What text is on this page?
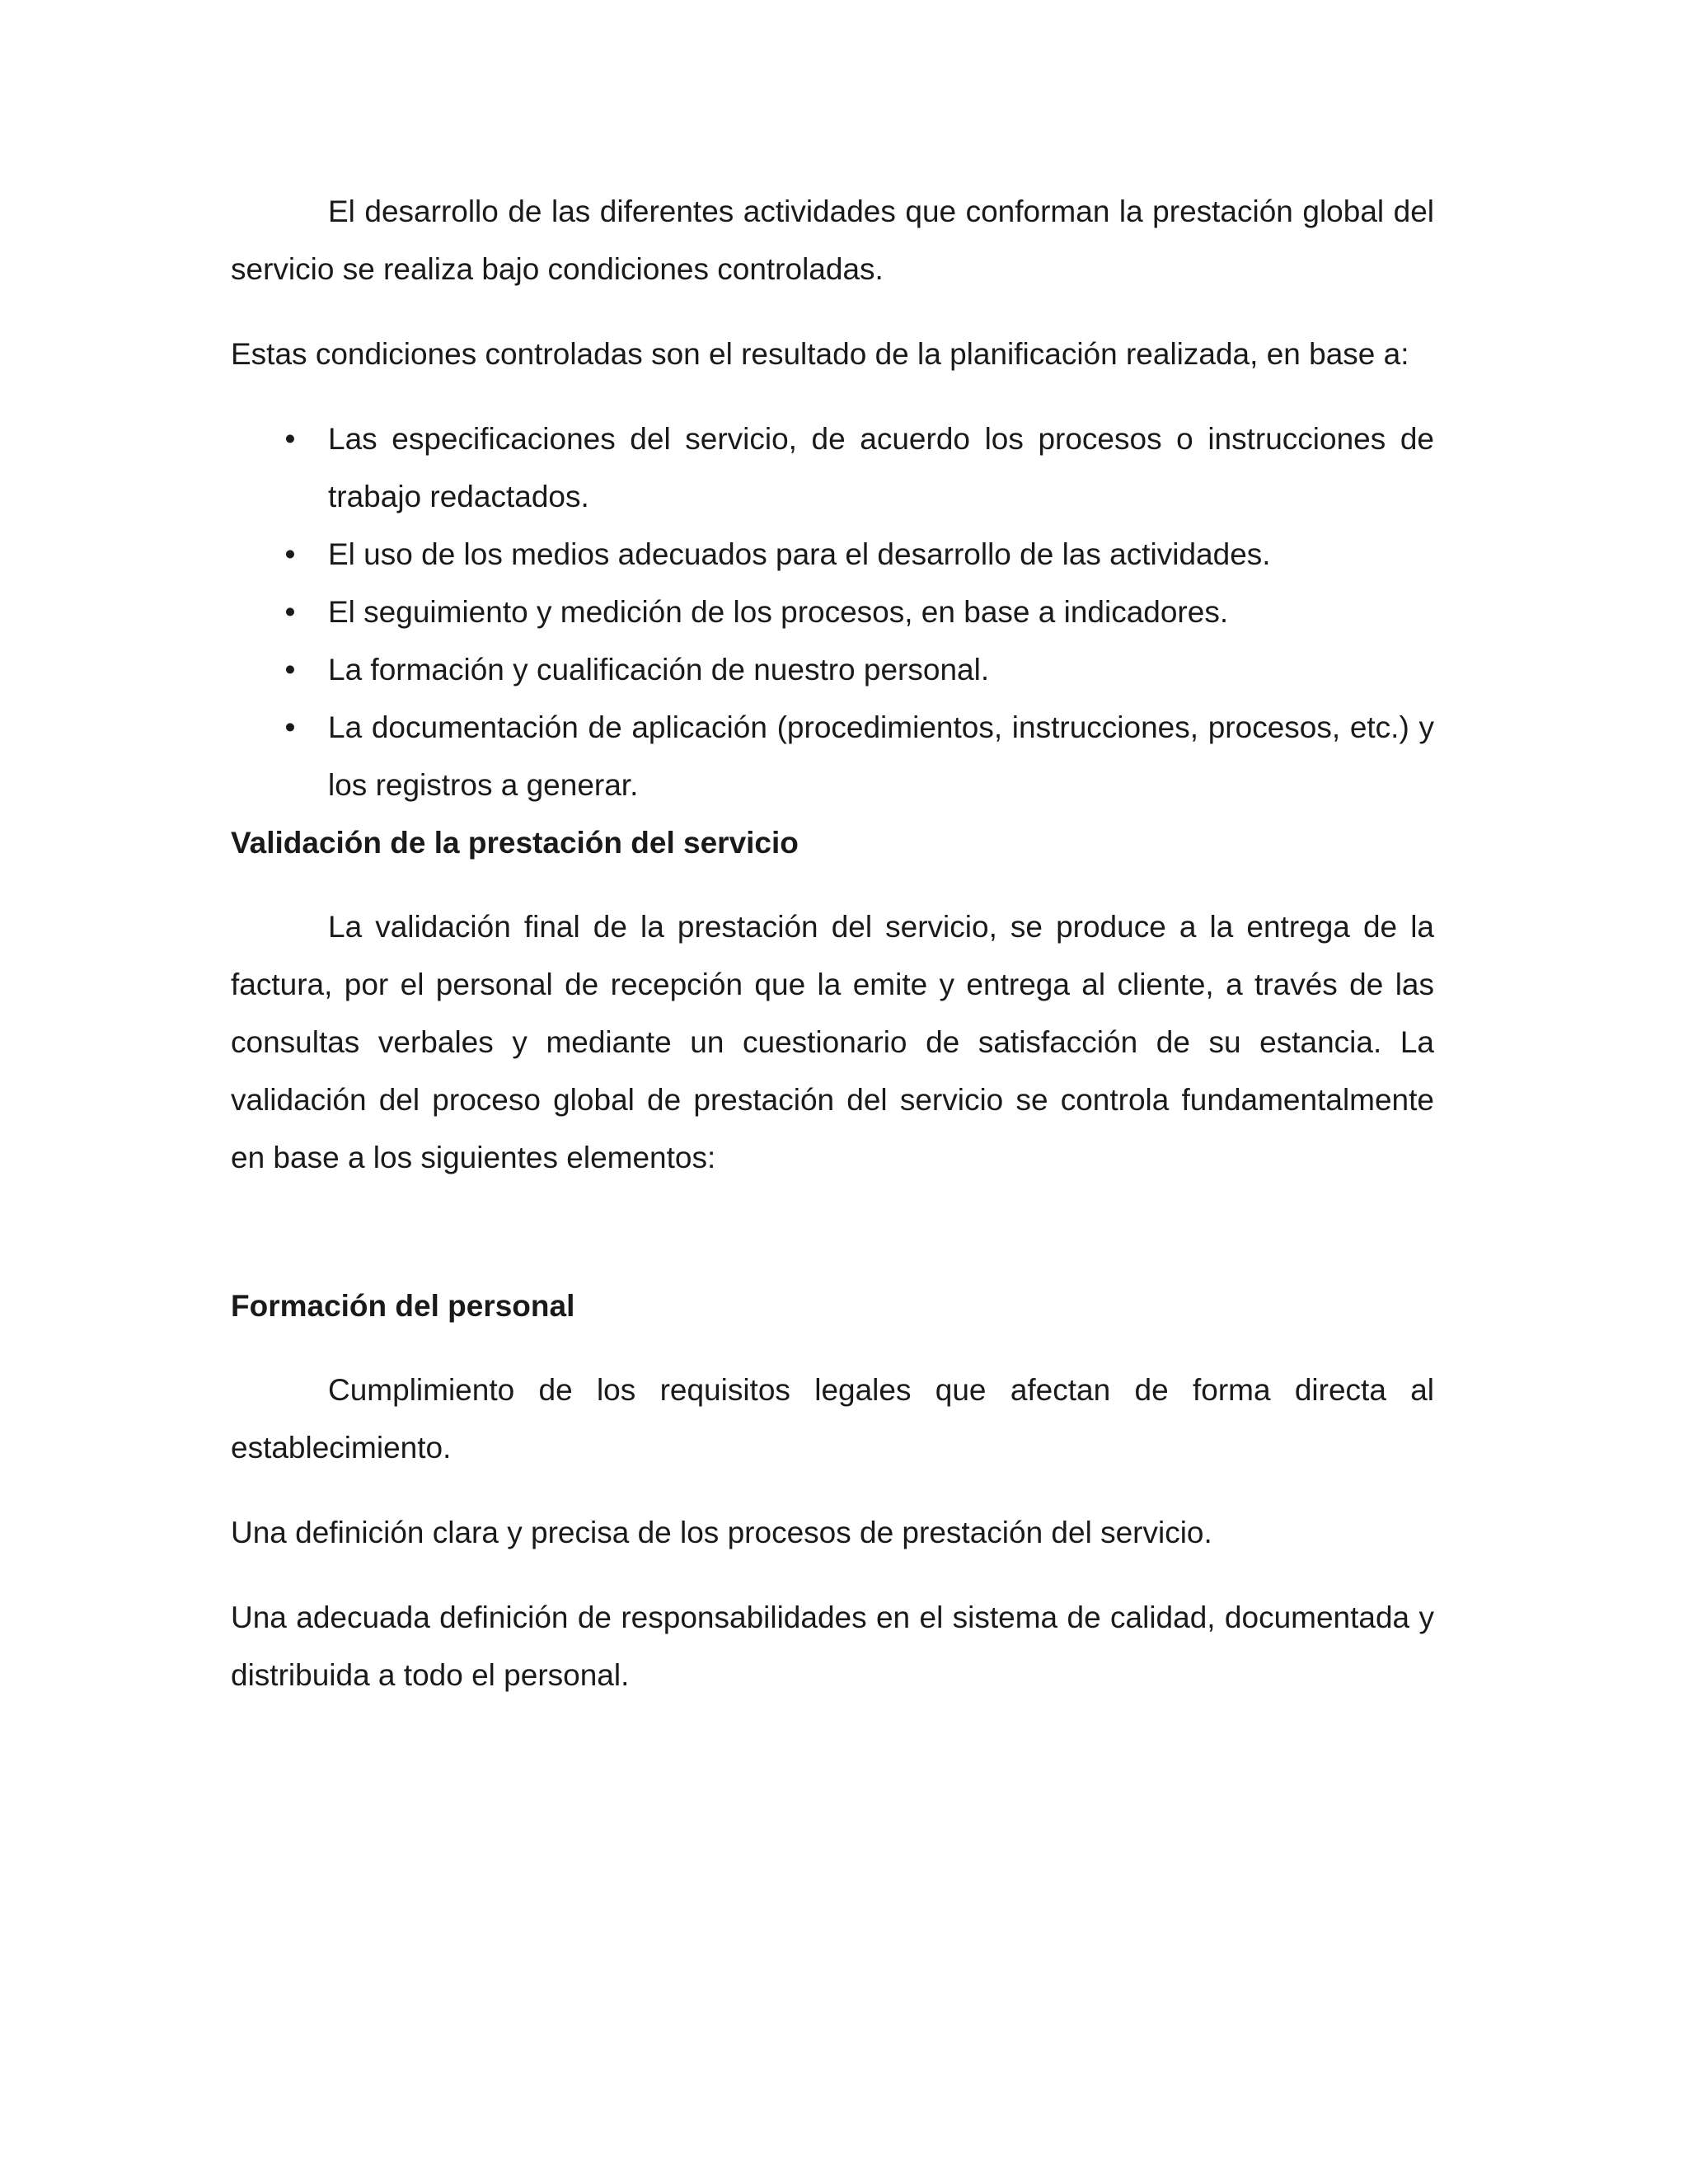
El desarrollo de las diferentes actividades que conforman la prestación global del servicio se realiza bajo condiciones controladas.

Estas condiciones controladas son el resultado de la planificación realizada, en base a:

• Las especificaciones del servicio, de acuerdo los procesos o instrucciones de trabajo redactados.
• El uso de los medios adecuados para el desarrollo de las actividades.
• El seguimiento y medición de los procesos, en base a indicadores.
• La formación y cualificación de nuestro personal.
• La documentación de aplicación (procedimientos, instrucciones, procesos, etc.) y los registros a generar.
Validación de la prestación del servicio

La validación final de la prestación del servicio, se produce a la entrega de la factura, por el personal de recepción que la emite y entrega al cliente, a través de las consultas verbales y mediante un cuestionario de satisfacción de su estancia. La validación del proceso global de prestación del servicio se controla fundamentalmente en base a los siguientes elementos:

Formación del personal

Cumplimiento de los requisitos legales que afectan de forma directa al establecimiento.

Una definición clara y precisa de los procesos de prestación del servicio.

Una adecuada definición de responsabilidades en el sistema de calidad, documentada y distribuida a todo el personal.
